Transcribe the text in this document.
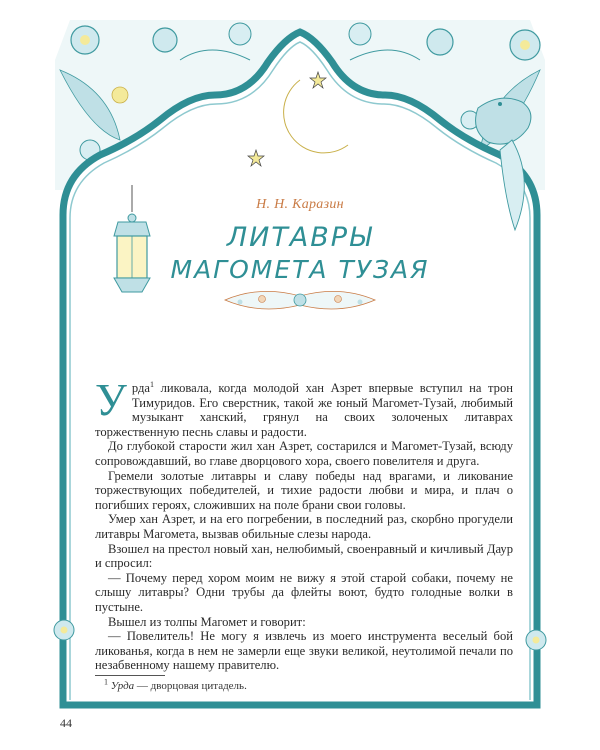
Н. Н. Каразин
ЛИТАВРЫ
МАГОМЕТА ТУЗАЯ

Урда$^1$ ликовала, когда молодой хан Азрет впервые вступил на трон Тимуридов. Его сверстник, такой же юный Магомет-Тузай, любимый музыкант ханский, грянул на своих золоченых литаврах торжественную песнь славы и радости.

До глубокой старости жил хан Азрет, состарился и Магомет-Тузай, всюду сопровождавший, во главе дворцового хора, своего повелителя и друга.

Гремели золотые литавры и славу победы над врагами, и ликование торжествующих победителей, и тихие радости любви и мира, и плач о погибших героях, сложивших на поле брани свои головы.

Умер хан Азрет, и на его погребении, в последний раз, скорбно прогудели литавры Магомета, вызвав обильные слезы народа.

Взошел на престол новый хан, нелюбимый, своенравный и кичливый Даур и спросил:

— Почему перед хором моим не вижу я этой старой собаки, почему не слышу литавры? Одни трубы да флейты воют, будто голодные волки в пустыне.

Вышел из толпы Магомет и говорит:

— Повелитель! Не могу я извлечь из моего инструмента веселый бой ликованья, когда в нем не замерли еще звуки великой, неутолимой печали по незабвенному нашему правителю.

$^1$ Урда — дворцовая цитадель.
44
